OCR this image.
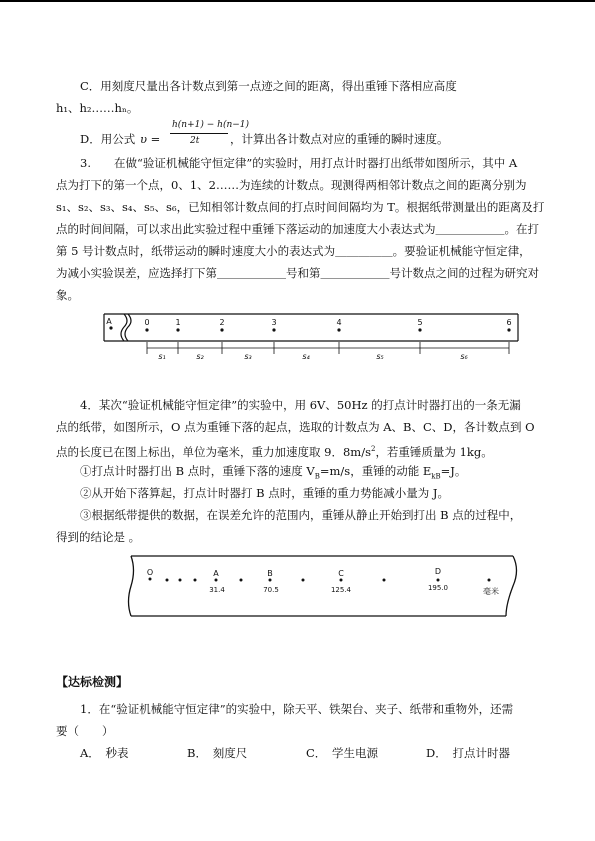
C．用刻度尺量出各计数点到第一点迹之间的距离，得出重锤下落相应高度
h₁、h₂……hₙ。
D．用公式 υ =
h(n+1) − h(n−1)
2t	，计算出各计数点对应的重锤的瞬时速度。
3.　　在做“验证机械能守恒定律”的实验时，用打点计时器打出纸带如图所示，其中 A
点为打下的第一个点，0、1、2……为连续的计数点。现测得两相邻计数点之间的距离分别为
s₁、s₂、s₃、s₄、s₅、s₆，已知相邻计数点间的打点时间间隔均为 T。根据纸带测量出的距离及打
点的时间间隔，可以求出此实验过程中重锤下落运动的加速度大小表达式为＿＿＿＿＿＿。在打
第 5 号计数点时，纸带运动的瞬时速度大小的表达式为＿＿＿＿＿。要验证机械能守恒定律，
为减小实验误差，应选择打下第＿＿＿＿＿＿号和第＿＿＿＿＿＿号计数点之间的过程为研究对
象。
A	0	1	2	3	4	5	6
s₁	s₂	s₃	s₄	s₅	s₆
4．某次“验证机械能守恒定律”的实验中，用 6V、50Hz 的打点计时器打出的一条无漏
点的纸带，如图所示，O 点为重锤下落的起点，选取的计数点为 A、B、C、D，各计数点到 O
点的长度已在图上标出，单位为毫米，重力加速度取 9．$8m/s^2$，若重锤质量为 1kg。
①打点计时器打出 B 点时，重锤下落的速度 $V_B=m/s$，重锤的动能 $E_{kB}=J$。
②从开始下落算起，打点计时器打 B 点时，重锤的重力势能减小量为 J。
③根据纸带提供的数据，在误差允许的范围内，重锤从静止开始到打出 B 点的过程中，
得到的结论是 。
O	A	B	C	D
31.4	70.5	125.4	195.0	毫米
【达标检测】
1．在“验证机械能守恒定律”的实验中，除天平、铁架台、夹子、纸带和重物外，还需
要（　　）
A．　秒表	B．　刻度尺	C．　学生电源	D．　打点计时器
